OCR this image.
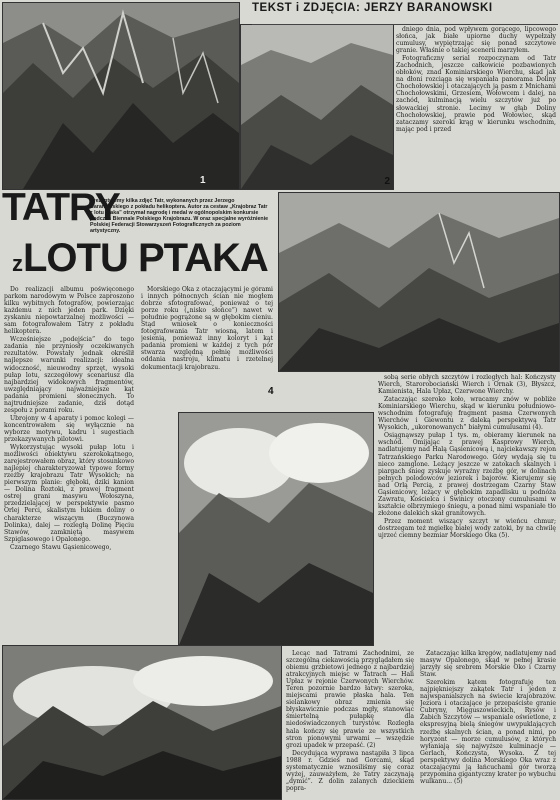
2
TEKST i ZDJĘCIA: JERZY BARANOWSKI

dniego dnia, pod wpływem gorącego, lipcowego słońca, jak białe upiorne duchy wypełzały cumulusy, wypiętrzając się ponad szczytowe granie. Właśnie o takiej scenerii marzyłem.

Fotograficzny serial rozpoczynam od Tatr Zachodnich, jeszcze całkowicie pozbawionych obłoków, znad Kominiarskiego Wierchu, skąd jak na dłoni rozciąga się wspaniała panorama Doliny Chochołowskiej i otaczających ją pasm z Mnichami Chochołowskimi, Grzesiem, Wołowcem i dalej, na zachód, kulminacją wielu szczytów już po słowackiej stronie. Lecimy w głąb Doliny Chochołowskiej, prawie pod Wołowiec, skąd zataczamy szeroki krąg w kierunku wschodnim, mając pod i przed

TATRY
Prezentujemy kilka zdjęć Tatr, wykonanych przez Jerzego Baranowskiego z pokładu helikoptera. Autor za cestaw „Krajobraz Tatr z lotu ptaka” otrzymał nagrodę i medal w ogólnopolskim konkursie podczas Biennale Polskiego Krajobrazu. W oraz specjalne wyróżnienie Polskiej Federacji Stowarzyszeń Fotograficznych za poziom artystyczny.
zLOTU PTAKA

Do realizacji albumu poświęconego parkom narodowym w Polsce zaproszono kilku wybitnych fotografów, powierzając każdemu z nich jeden park. Dzięki zyskaniu niepowtarzalnej możliwości — sam fotografowałem Tatry z pokładu helikoptera.

Wcześniejsze „podejścia” do tego zadania nie przyniosły oczekiwanych rezultatów. Powstały jednak określił najlepsze warunki realizacji: idealna widoczność, nieuwodny sprzęt, wysoki pułap lotu, szczegółowy scenariusz dla najbardziej widokowych fragmentów, uwzględniający najważniejsze kąt padania promieni słonecznych. To najtrudniejsze zadanie, dziś dotąd zespołu z porami roku.

Ubrojony w 4 aparaty i pomoc kolegi — koncentrowałem się wyłącznie na wyborze motywu, kadru i sugestiach przekazywanych pilotowi.

Wykorzystując wysoki pułap lotu i możliwości obiektywu szerokokątnego, zarejestrowałem obraz, który stosunkowo najlepiej charakteryzował typowe formy rzeźby krajobrazu Tatr Wysokich; na pierwszym planie: głęboki, dziki kanion — Dolina Roztoki, z prawej fragment ostrej grani masywu Wołoszyna, przedzielającej w perspektywie pasmo Orlej Perci, skalistym łukiem doliny o charakterze wiszącym (Buczynowa Dolinka), dalej — rozległą Dolinę Pięciu Stawów, zamkniętą masywem Szpiglasowego i Opalonego.

Czarnego Stawu Gąsienicowego,

Morskiego Oka z otaczającymi je górami i innych północnych ścian nie mogłem dobrze sfotografować, ponieważ o tej porze roku („nisko słońce”) nawet w południe pogrążone są w głębokim cieniu. Stąd wniosek o konieczności fotografowania Tatr wiosną, latem i jesienią, ponieważ inny koloryt i kąt padania promieni w każdej z tych pór stwarza względną pełnię możliwości oddania nastroju, klimatu i rzetelnej dokumentacji krajobrazu.

4

sobą serie obłych szczytów i rozległych hal: Kończysty Wierch, Starorobociański Wierch i Ornak (3), Błyszcz, Kamienista, Hala Upłaz, Czerwone Wierchy.

Zataczając szeroko koło, wracamy znów w pobliże Kominiarskiego Wierchu, skąd w kierunku południowo-wschodnim fotografuję fragment pasma Czerwonych Wierchów i Giewontu z daleką perspektywą Tatr Wysokich, „ukoronowanych” białymi cumulusami (4).

Osiągnąwszy pułap 1 tys. m, obieramy kierunek na wschód. Omijając z prawej Kasprowy Wierch, nadlatujemy nad Halą Gąsienicową i, najciekawszy rejon Tatrzańskiego Parku Narodowego. Góry wydają się tu nieco zamglone. Leżący jeszcze w zatokach skalnych i piargach śnieg zyskuje wyraźny rzeźbę gór, w dolinach pełnych polodowców jeziorek i bajorów. Kierujemy się nad Orlą Percią, z prawej dostrzegam Czarny Staw Gąsienicowy, leżący w głębokim zapadlisku u podnóża Zawratu, Kościelca i Świnicy otoczony cumulusami w kształcie olbrzymiego śniegu, a ponad nimi wspaniałe tło złożone dalekich skał granitowych.

Przez moment wiszący szczyt w wieńcu chmur; dostrzegam też mgiełkę białej wody zatoki, by na chwilę ujrzeć ciemny bezmiar Morskiego Oka (5).

Lecąc nad Tatrami Zachodnimi, ze szczególną ciekawością przyglądałem się obiemu grzbietowi jednego z najbardziej atrakcyjnych miejsc w Tatrach — Hali Upłaz w rejonie Czerwonych Wierchów. Teren pozornie bardzo łatwy: szeroka, miejscami prawie płaska hala. Ten sielankowy obraz zmienia się błyskawicznie podczas mgły, stanowiąc śmiertelną pułapkę dla niedoświadczonych turystów. Rozległa hala kończy się prawie ze wszystkich stron pionowymi urwami — wszędzie grozi upadek w przepaść. (2)

Decydująca wyprawa nastąpiła 3 lipca 1988 r. Gdzieś nad Gorcami, skąd systematycznie wznosiliśmy się coraz wyżej, zauważyłem, że Tatry zaczynają „dymić”. Z dolin zalanych dzieckiem popra-

Zataczając kilka kręgów, nadlatujemy nad masyw Opalonego, skąd w pełnej krasie jarzyły się srebrem Morskie Oko i Czarny Staw.

Szerokim kątem fotografuję ten najpiękniejszy zakątek Tatr i jeden z najwspanialszych na świecie krajobrazów. Jeziora i otaczające je przepaściste granie Cubryny, Mięguszowieckich, Rysów i Żabich Szczytów — wspaniale oświetlone, z ekspresyjną bielą śniegów uwypuklających rzeźbę skalnych ścian, a ponad nimi, po horyzont — morze cumulusów, z których wyłaniają się najwyższe kulminacje — Gerlach, Kończysta, Wysoka. Z tej perspektywy dolina Morskiego Oka wraz z otaczającymi ją łańcuchami gór tworzą przypomina gigantyczny krater po wybuchu wulkanu... (5)

1
